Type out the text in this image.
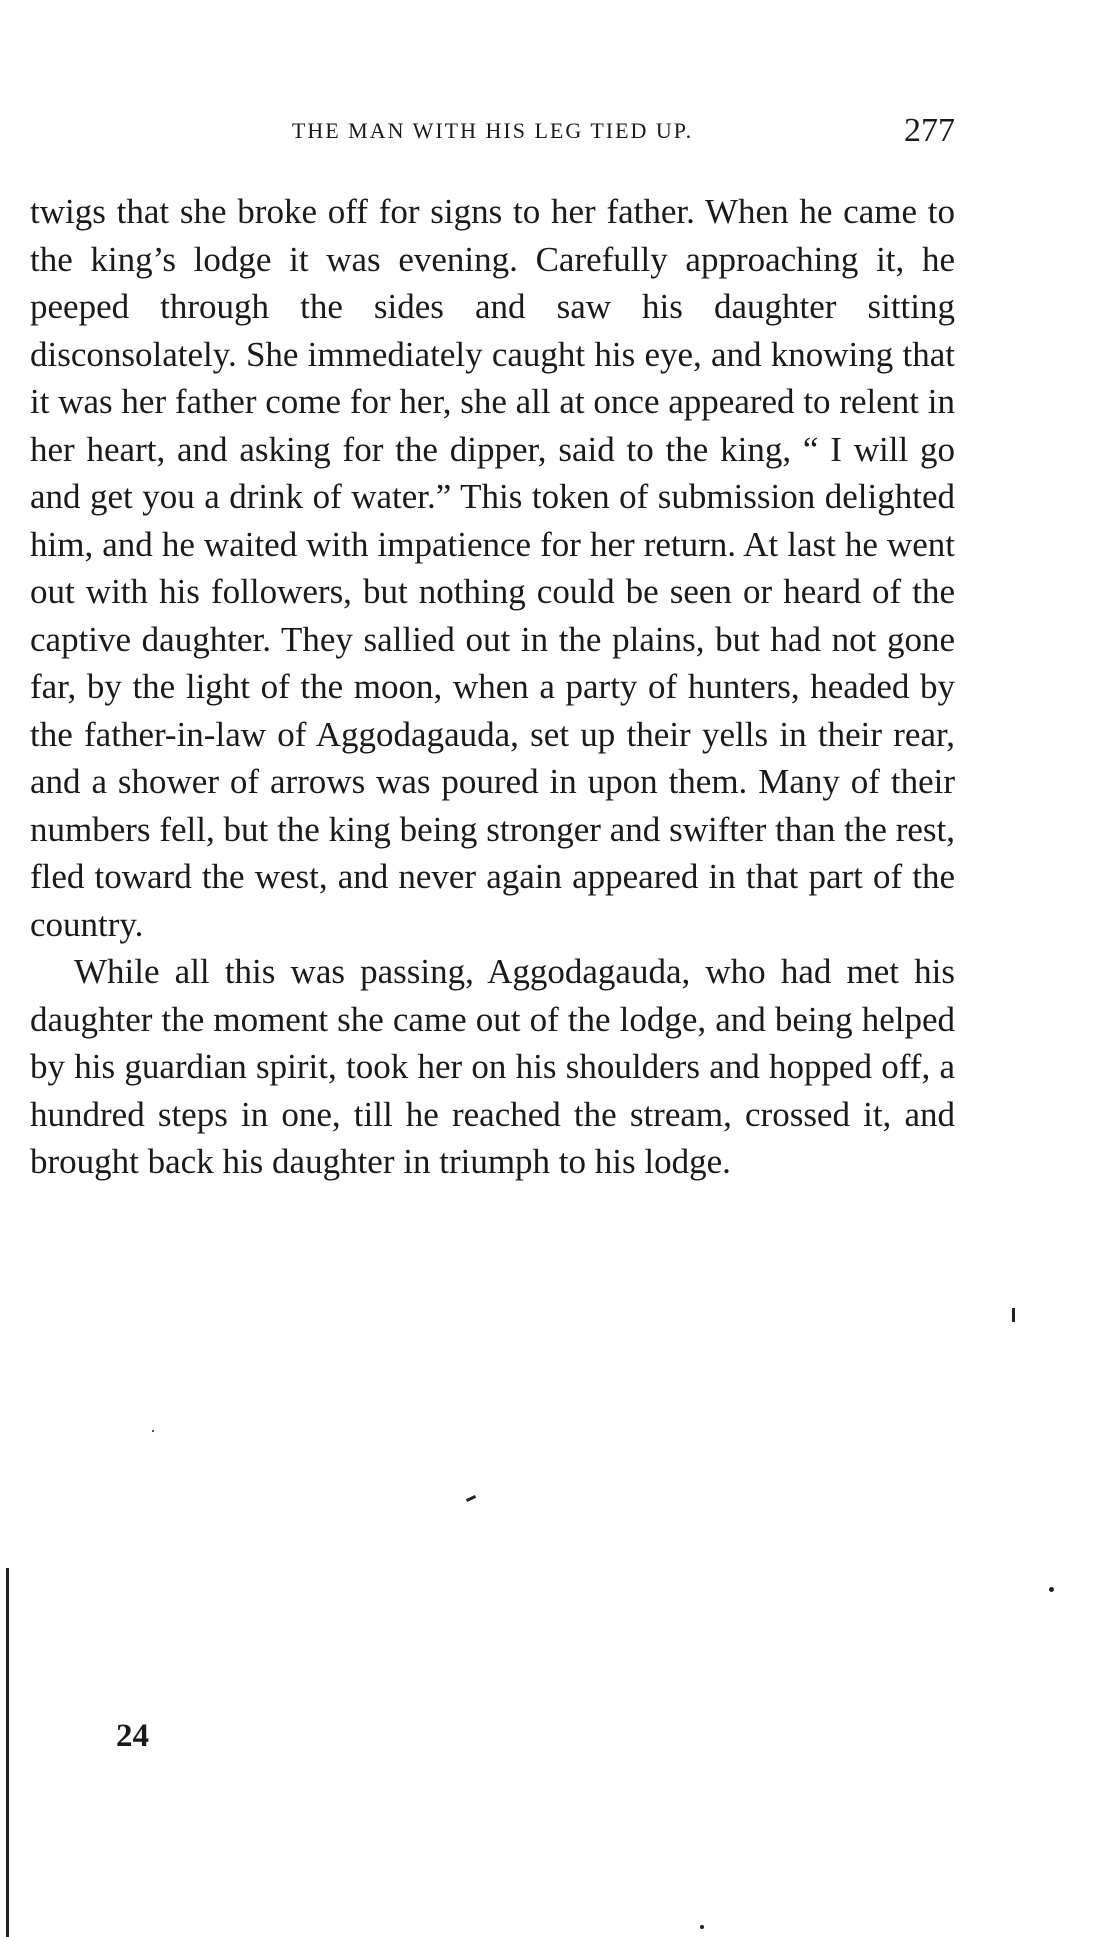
THE MAN WITH HIS LEG TIED UP.	277

twigs that she broke off for signs to her father. When he came to the king’s lodge it was evening. Carefully approaching it, he peeped through the sides and saw his daughter sitting disconsolately. She immediately caught his eye, and knowing that it was her father come for her, she all at once appeared to relent in her heart, and asking for the dipper, said to the king, “ I will go and get you a drink of water.” This token of submission delighted him, and he waited with impatience for her return. At last he went out with his followers, but nothing could be seen or heard of the captive daughter. They sallied out in the plains, but had not gone far, by the light of the moon, when a party of hunters, headed by the father-in-law of Aggodagauda, set up their yells in their rear, and a shower of arrows was poured in upon them. Many of their numbers fell, but the king being stronger and swifter than the rest, fled toward the west, and never again appeared in that part of the country.

While all this was passing, Aggodagauda, who had met his daughter the moment she came out of the lodge, and being helped by his guardian spirit, took her on his shoulders and hopped off, a hundred steps in one, till he reached the stream, crossed it, and brought back his daughter in triumph to his lodge.

24
